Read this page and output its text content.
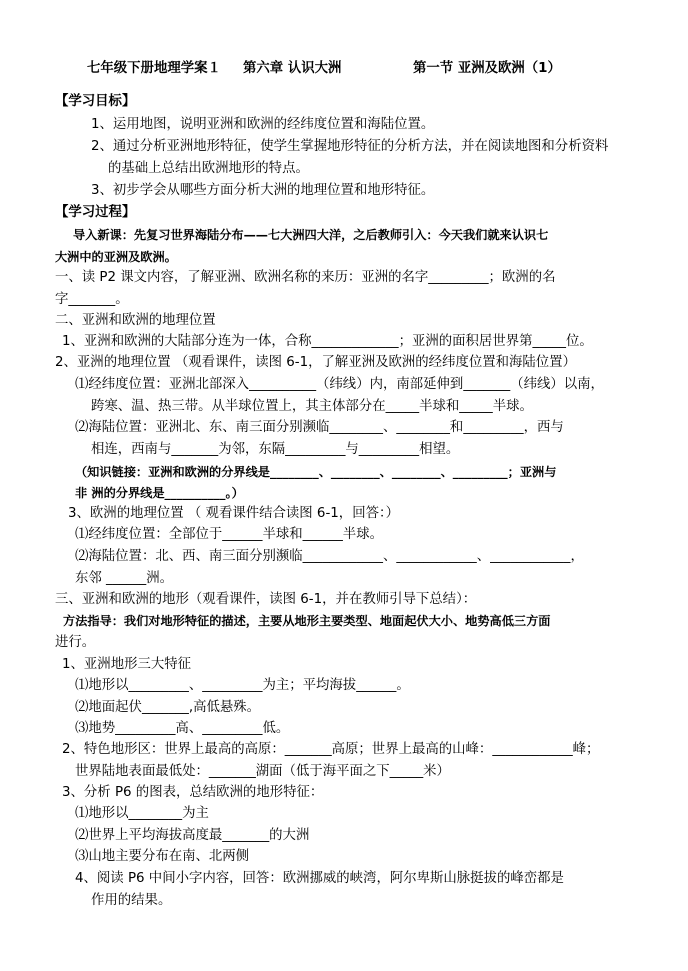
七年级下册地理学案１ 第六章 认识大洲	第一节 亚洲及欧洲（1）
【学习目标】
1、运用地图，说明亚洲和欧洲的经纬度位置和海陆位置。
2、通过分析亚洲地形特征，使学生掌握地形特征的分析方法，并在阅读地图和分析资料
的基础上总结出欧洲地形的特点。
3、初步学会从哪些方面分析大洲的地理位置和地形特征。
【学习过程】
导入新课：先复习世界海陆分布——七大洲四大洋，之后教师引入：今天我们就来认识七
大洲中的亚洲及欧洲。
一、读 P2 课文内容，了解亚洲、欧洲名称的来历：亚洲的名字_________；欧洲的名
字_______。
二、亚洲和欧洲的地理位置
1、亚洲和欧洲的大陆部分连为一体，合称_____________；亚洲的面积居世界第_____位。
2、亚洲的地理位置 （观看课件，读图 6-1，了解亚洲及欧洲的经纬度位置和海陆位置）
⑴经纬度位置：亚洲北部深入__________（纬线）内，南部延伸到_______（纬线）以南，
跨寒、温、热三带。从半球位置上，其主体部分在_____半球和_____半球。
⑵海陆位置：亚洲北、东、南三面分别濒临________、________和_________，西与
相连，西南与_______为邻，东隔_________与_________相望。
（知识链接：亚洲和欧洲的分界线是________、________、________、_________；亚洲与
非 洲的分界线是__________。）
3、欧洲的地理位置 （ 观看课件结合读图 6-1，回答：）
⑴经纬度位置：全部位于______半球和______半球。
⑵海陆位置：北、西、南三面分别濒临____________、____________、____________，
东邻 ______洲。
三、亚洲和欧洲的地形（观看课件，读图 6-1，并在教师引导下总结）：
方法指导：我们对地形特征的描述，主要从地形主要类型、地面起伏大小、地势高低三方面
进行。
1、亚洲地形三大特征
⑴地形以_________、_________为主；平均海拔______。
⑵地面起伏_______,高低悬殊。
⑶地势_________高、_________低。
2、特色地形区：世界上最高的高原：_______高原；世界上最高的山峰：____________峰；
世界陆地表面最低处：_______湖面（低于海平面之下_____米）
3、分析 P6 的图表，总结欧洲的地形特征：
⑴地形以________为主
⑵世界上平均海拔高度最_______的大洲
⑶山地主要分布在南、北两侧
4、阅读 P6 中间小字内容，回答：欧洲挪威的峡湾，阿尔卑斯山脉挺拔的峰峦都是
作用的结果。
